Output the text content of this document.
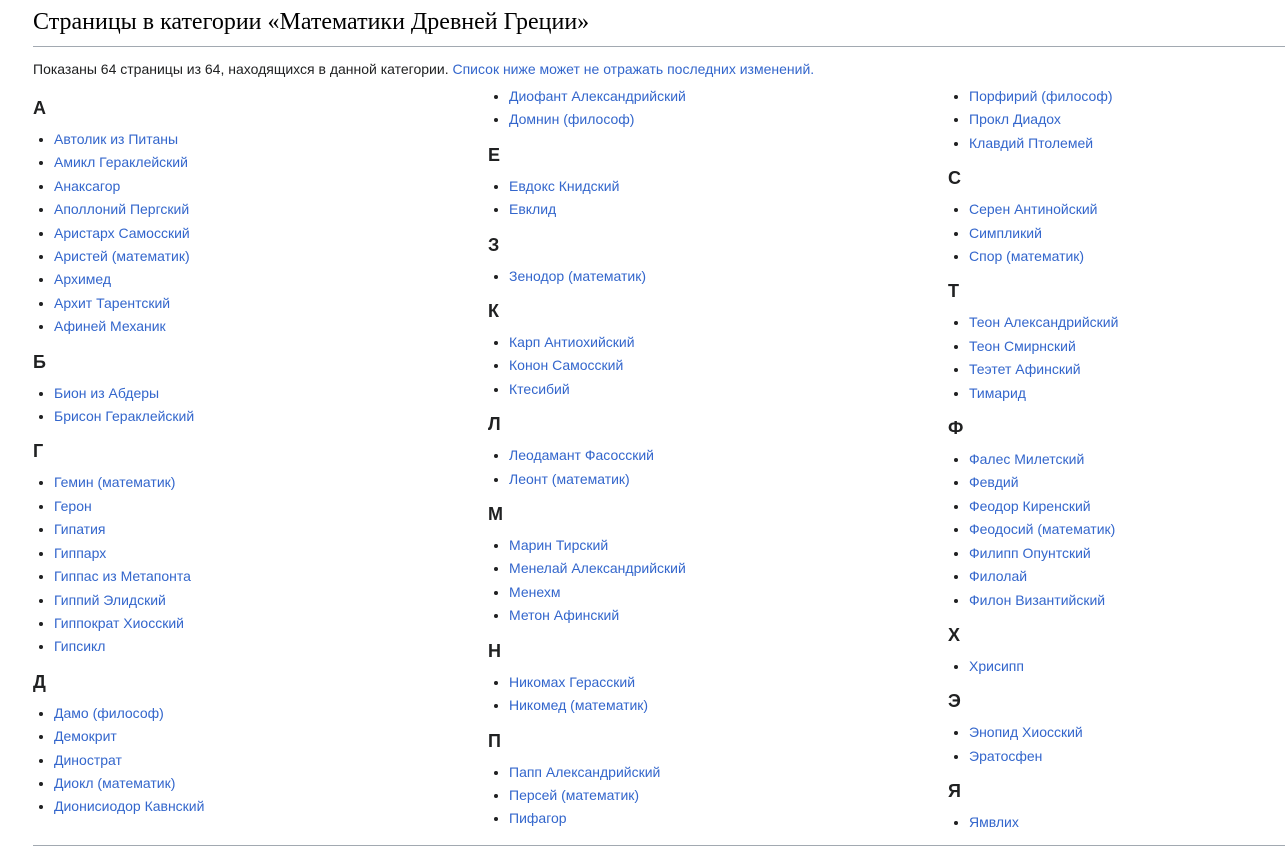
Страницы в категории «Математики Древней Греции»

Показаны 64 страницы из 64, находящихся в данной категории. Список ниже может не отражать последних изменений.

А
• Автолик из Питаны
• Амикл Гераклейский
• Анаксагор
• Аполлоний Пергский
• Аристарх Самосский
• Аристей (математик)
• Архимед
• Архит Тарентский
• Афиней Механик
Б
• Бион из Абдеры
• Брисон Гераклейский
Г
• Гемин (математик)
• Герон
• Гипатия
• Гиппарх
• Гиппас из Метапонта
• Гиппий Элидский
• Гиппократ Хиосский
• Гипсикл
Д
• Дамо (философ)
• Демокрит
• Динострат
• Диокл (математик)
• Дионисиодор Кавнский
• Диофант Александрийский
• Домнин (философ)
Е
• Евдокс Книдский
• Евклид
З
• Зенодор (математик)
К
• Карп Антиохийский
• Конон Самосский
• Ктесибий
Л
• Леодамант Фасосский
• Леонт (математик)
М
• Марин Тирский
• Менелай Александрийский
• Менехм
• Метон Афинский
Н
• Никомах Герасский
• Никомед (математик)
П
• Папп Александрийский
• Персей (математик)
• Пифагор
• Порфирий (философ)
• Прокл Диадох
• Клавдий Птолемей
С
• Серен Антинойский
• Симпликий
• Спор (математик)
Т
• Теон Александрийский
• Теон Смирнский
• Теэтет Афинский
• Тимарид
Ф
• Фалес Милетский
• Февдий
• Феодор Киренский
• Феодосий (математик)
• Филипп Опунтский
• Филолай
• Филон Византийский
Х
• Хрисипп
Э
• Энопид Хиосский
• Эратосфен
Я
• Ямвлих
